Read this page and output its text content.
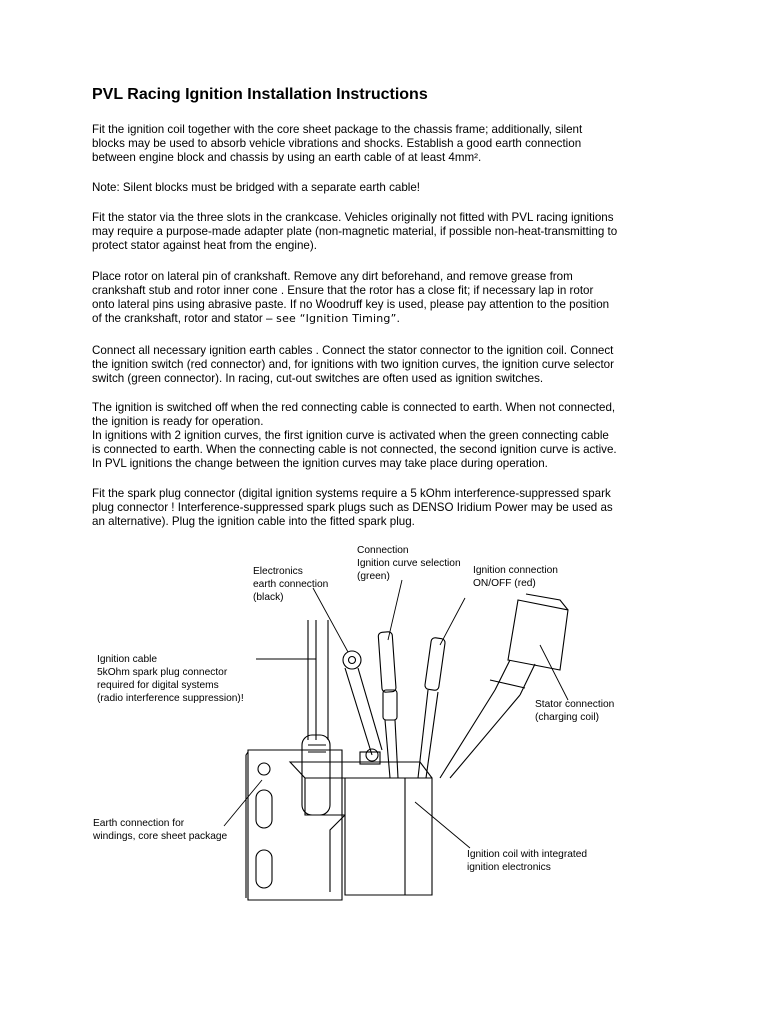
PVL Racing Ignition Installation Instructions

Fit the ignition coil together with the core sheet package to the chassis frame; additionally, silent
blocks may be used to absorb vehicle vibrations and shocks. Establish a good earth connection
between engine block and chassis by using an earth cable of at least 4mm².

Note: Silent blocks must be bridged with a separate earth cable!

Fit the stator via the three slots in the crankcase. Vehicles originally not fitted with PVL racing ignitions
may require a purpose-made adapter plate (non-magnetic material, if possible non-heat-transmitting to
protect stator against heat from the engine).

Place rotor on lateral pin of crankshaft. Remove any dirt beforehand, and remove grease from
crankshaft stub and rotor inner cone . Ensure that the rotor has a close fit; if necessary lap in rotor
onto lateral pins using abrasive paste. If no Woodruff key is used, please pay attention to the position
of the crankshaft, rotor and stator – see “Ignition Timing”.

Connect all necessary ignition earth cables . Connect the stator connector to the ignition coil. Connect
the ignition switch (red connector) and, for ignitions with two ignition curves, the ignition curve selector
switch (green connector). In racing, cut-out switches are often used as ignition switches.

The ignition is switched off when the red connecting cable is connected to earth. When not connected,
the ignition is ready for operation.
In ignitions with 2 ignition curves, the first ignition curve is activated when the green connecting cable
is connected to earth. When the connecting cable is not connected, the second ignition curve is active.
In PVL ignitions the change between the ignition curves may take place during operation.

Fit the spark plug connector (digital ignition systems require a 5 kOhm interference-suppressed spark
plug connector ! Interference-suppressed spark plugs such as DENSO Iridium Power may be used as
an alternative). Plug the ignition cable into the fitted spark plug.

Connection
Ignition curve selection
(green)
Electronics
earth connection
(black)
Ignition connection
ON/OFF (red)
Ignition cable
5kOhm spark plug connector
required for digital systems
(radio interference suppression)!
Stator connection
(charging coil)
Earth connection for
windings, core sheet package
Ignition coil with integrated
ignition electronics
